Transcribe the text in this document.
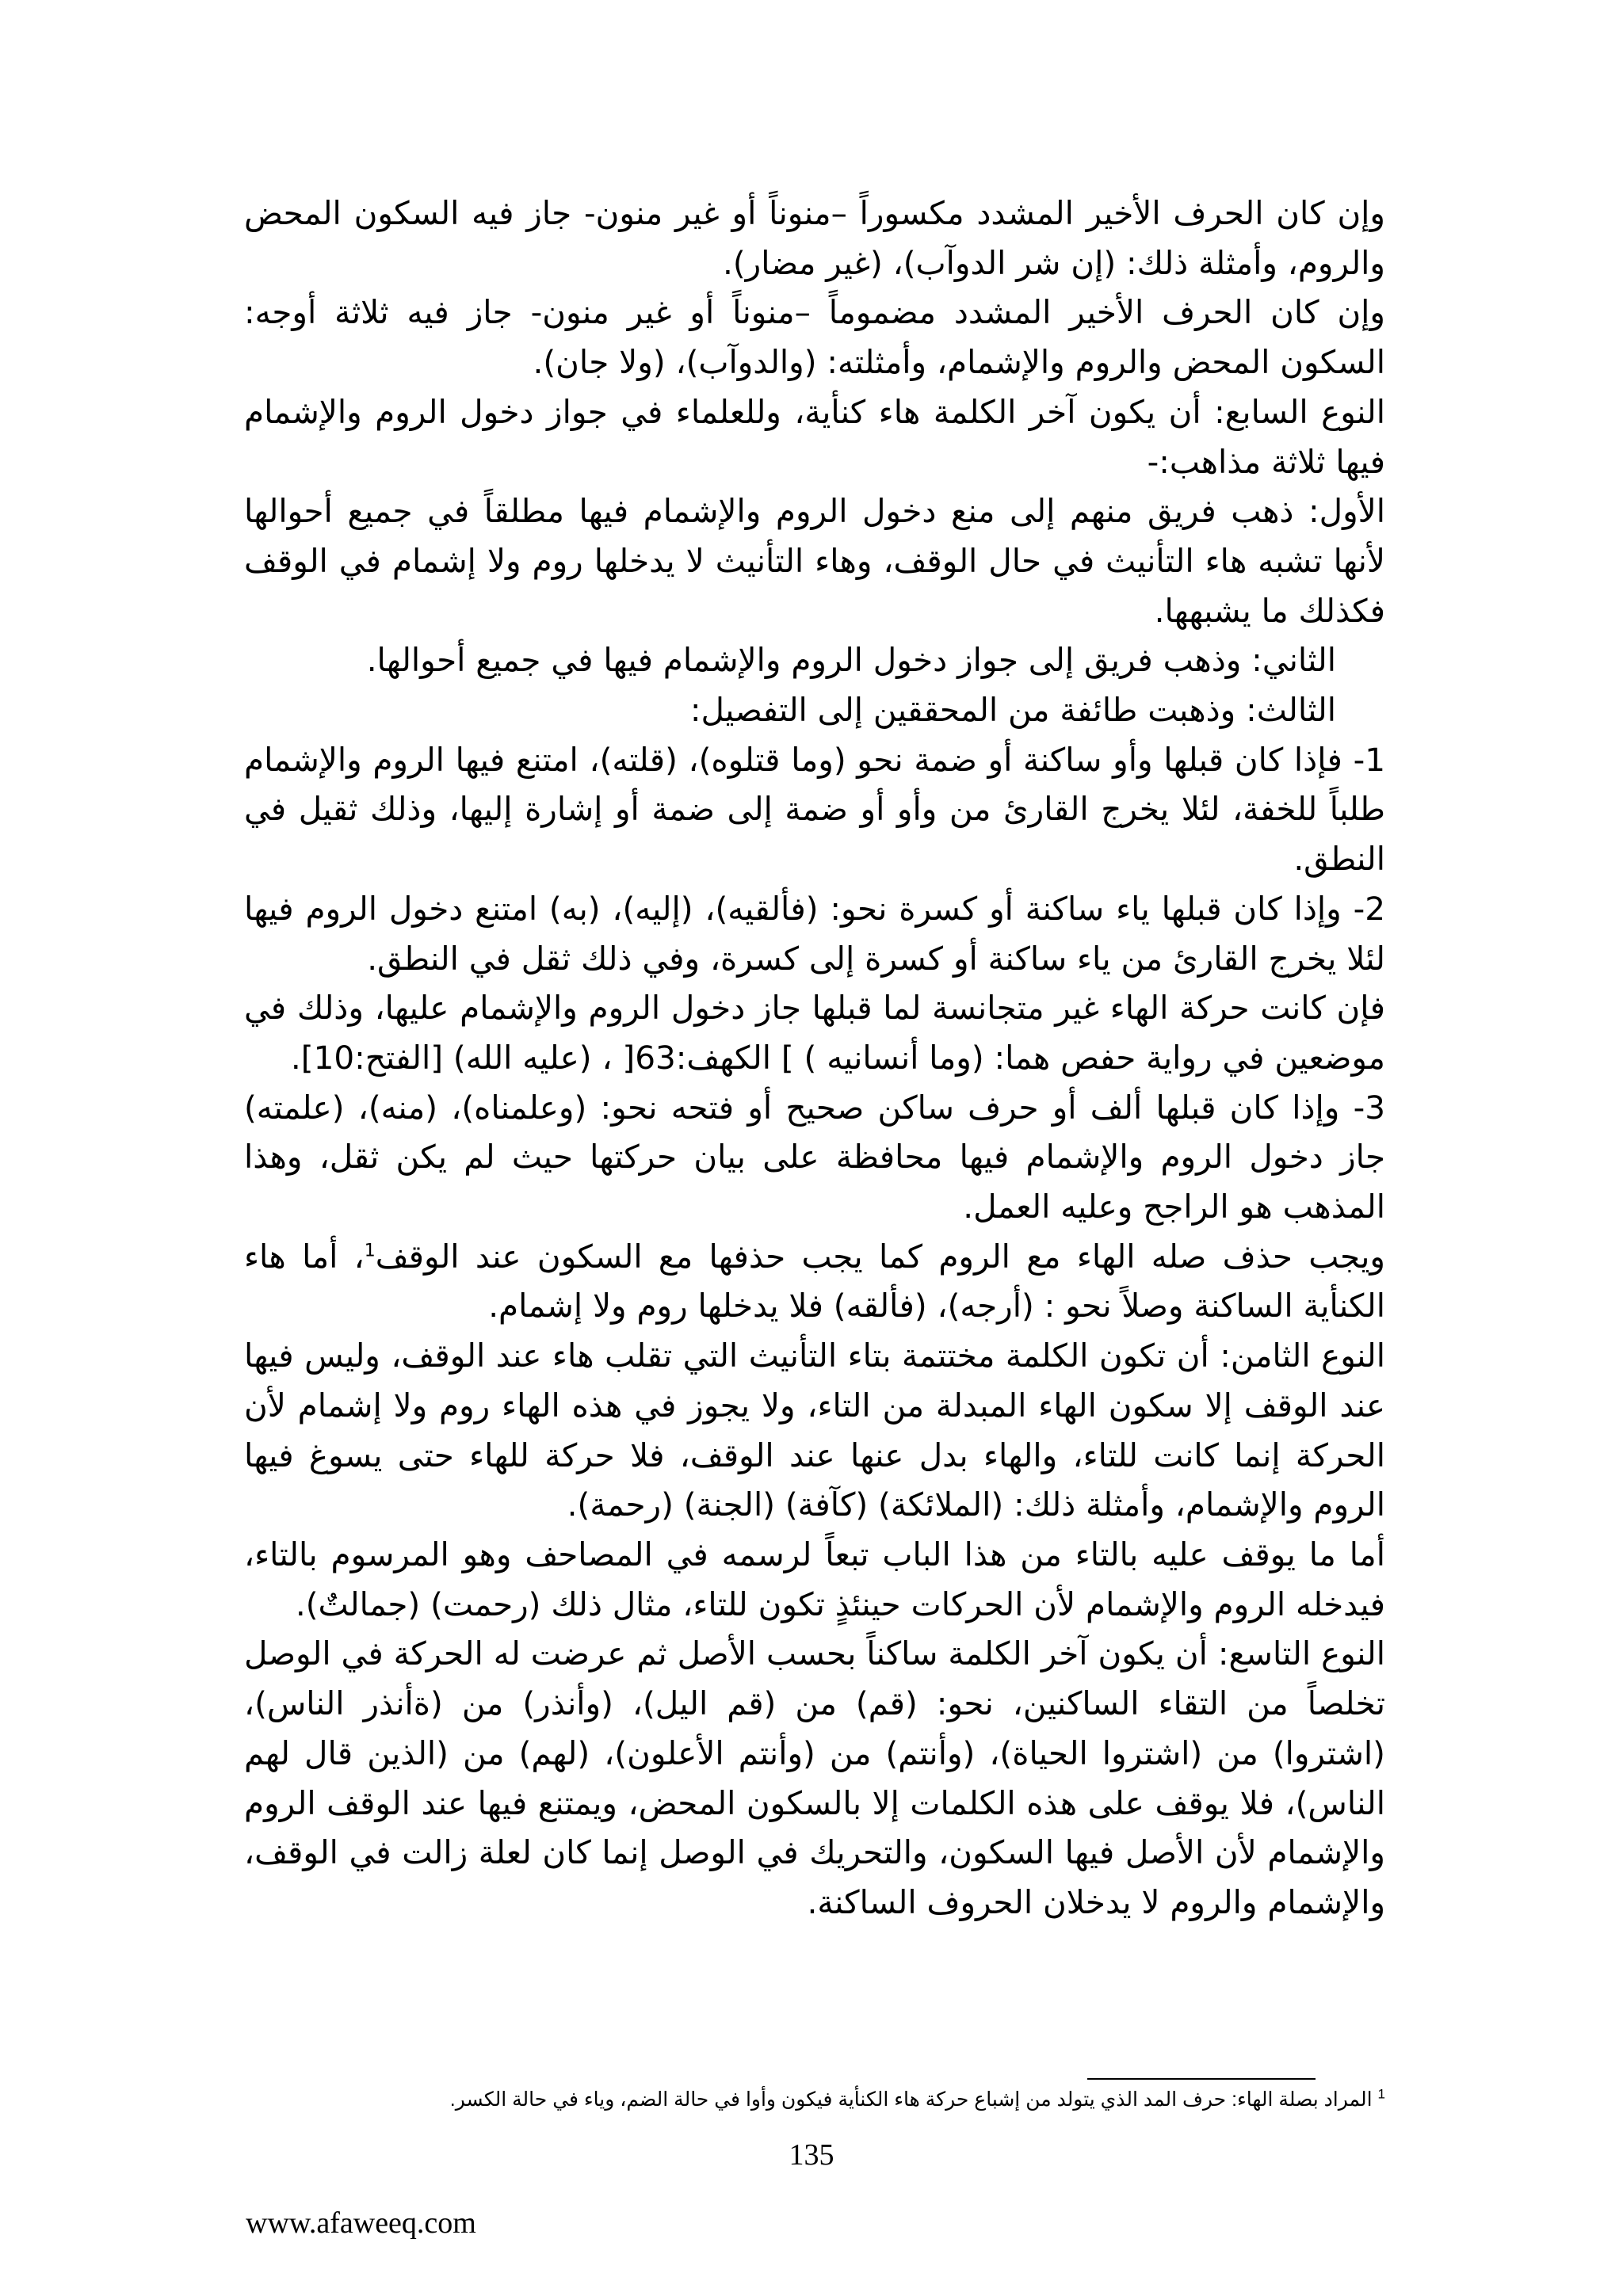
وإن كان الحرف الأخير المشدد مكسوراً –منوناً أو غير منون- جاز فيه السكون المحض والروم، وأمثلة ذلك: (إن شر الدوآب)، (غير مضار).

وإن كان الحرف الأخير المشدد مضموماً –منوناً أو غير منون- جاز فيه ثلاثة أوجه: السكون المحض والروم والإشمام، وأمثلته: (والدوآب)، (ولا جان).

النوع السابع: أن يكون آخر الكلمة هاء كنأية، وللعلماء في جواز دخول الروم والإشمام فيها ثلاثة مذاهب:-

الأول: ذهب فريق منهم إلى منع دخول الروم والإشمام فيها مطلقاً في جميع أحوالها لأنها تشبه هاء التأنيث في حال الوقف، وهاء التأنيث لا يدخلها روم ولا إشمام في الوقف فكذلك ما يشبهها.

الثاني: وذهب فريق إلى جواز دخول الروم والإشمام فيها في جميع أحوالها.

الثالث: وذهبت طائفة من المحققين إلى التفصيل:

1- فإذا كان قبلها وأو ساكنة أو ضمة نحو (وما قتلوه)، (قلته)، امتنع فيها الروم والإشمام طلباً للخفة، لئلا يخرج القارئ من وأو أو ضمة إلى ضمة أو إشارة إليها، وذلك ثقيل في النطق.

2- وإذا كان قبلها ياء ساكنة أو كسرة نحو: (فألقيه)، (إليه)، (به) امتنع دخول الروم فيها لئلا يخرج القارئ من ياء ساكنة أو كسرة إلى كسرة، وفي ذلك ثقل في النطق.

فإن كانت حركة الهاء غير متجانسة لما قبلها جاز دخول الروم والإشمام عليها، وذلك في موضعين في رواية حفص هما: (وما أنسانيه ) ] الكهف:63[ ، (عليه الله) [الفتح:10].

3- وإذا كان قبلها ألف أو حرف ساكن صحيح أو فتحه نحو: (وعلمناه)، (منه)، (علمته) جاز دخول الروم والإشمام فيها محافظة على بيان حركتها حيث لم يكن ثقل، وهذا المذهب هو الراجح وعليه العمل.

ويجب حذف صله الهاء مع الروم كما يجب حذفها مع السكون عند الوقف$^1$، أما هاء الكنأية الساكنة وصلاً نحو : (أرجه)، (فألقه) فلا يدخلها روم ولا إشمام.

النوع الثامن: أن تكون الكلمة مختتمة بتاء التأنيث التي تقلب هاء عند الوقف، وليس فيها عند الوقف إلا سكون الهاء المبدلة من التاء، ولا يجوز في هذه الهاء روم ولا إشمام لأن الحركة إنما كانت للتاء، والهاء بدل عنها عند الوقف، فلا حركة للهاء حتى يسوغ فيها الروم والإشمام، وأمثلة ذلك: (الملائكة) (كآفة) (الجنة) (رحمة).

أما ما يوقف عليه بالتاء من هذا الباب تبعاً لرسمه في المصاحف وهو المرسوم بالتاء، فيدخله الروم والإشمام لأن الحركات حينئذٍ تكون للتاء، مثال ذلك (رحمت) (جمالتٌ).

النوع التاسع: أن يكون آخر الكلمة ساكناً بحسب الأصل ثم عرضت له الحركة في الوصل تخلصاً من التقاء الساكنين، نحو: (قم) من (قم اليل)، (وأنذر) من (ةأنذر الناس)، (اشتروا) من (اشتروا الحياة)، (وأنتم) من (وأنتم الأعلون)، (لهم) من (الذين قال لهم الناس)، فلا يوقف على هذه الكلمات إلا بالسكون المحض، ويمتنع فيها عند الوقف الروم والإشمام لأن الأصل فيها السكون، والتحريك في الوصل إنما كان لعلة زالت في الوقف، والإشمام والروم لا يدخلان الحروف الساكنة.

$^1$ المراد بصلة الهاء: حرف المد الذي يتولد من إشباع حركة هاء الكنأية فيكون وأوا في حالة الضم، وياء في حالة الكسر.
135
www.afaweeq.com
